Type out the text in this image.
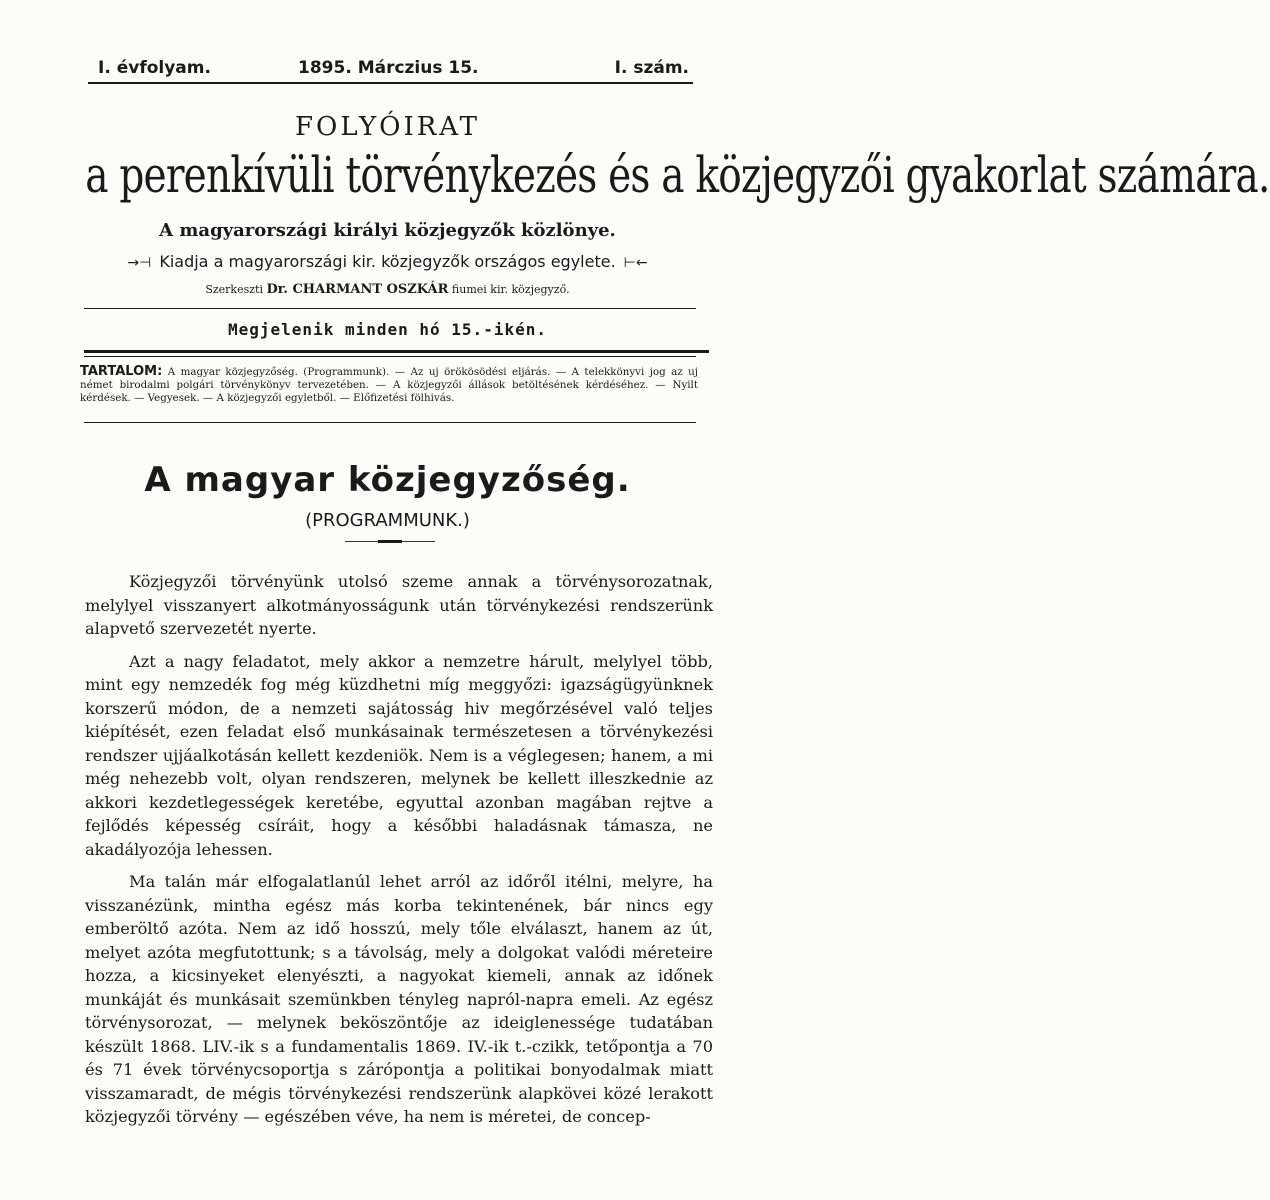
I. évfolyam.	1895. Márczius 15.	I. szám.
FOLYÓIRAT
a perenkívüli törvénykezés és a közjegyzői gyakorlat számára.
A magyarországi királyi közjegyzők közlönye.
→⊣ Kiadja a magyarországi kir. közjegyzők országos egylete. ⊢←
Szerkeszti Dr. CHARMANT OSZKÁR fiumei kir. közjegyző.
Megjelenik minden hó 15.-ikén.
TARTALOM: A magyar közjegyzőség. (Programmunk). — Az uj örökösödési eljárás. — A telekkönyvi jog az uj német birodalmi polgári törvénykönyv tervezetében. — A közjegyzői állások betöltésének kérdéséhez. — Nyilt kérdések. — Vegyesek. — A közjegyzői egyletből. — Előfizetési fölhivás.
A magyar közjegyzőség.
(PROGRAMMUNK.)

Közjegyzői törvényünk utolsó szeme annak a törvénysorozatnak, melylyel visszanyert alkotmányosságunk után törvénykezési rendszerünk alapvető szervezetét nyerte.

Azt a nagy feladatot, mely akkor a nemzetre hárult, melylyel több, mint egy nemzedék fog még küzdhetni míg meggyőzi: igazságügyünknek korszerű módon, de a nemzeti sajátosság hiv megőrzésével való teljes kiépítését, ezen feladat első munkásainak természetesen a törvénykezési rendszer ujjáalkotásán kellett kezdeniök. Nem is a véglegesen; hanem, a mi még nehezebb volt, olyan rendszeren, melynek be kellett illeszkednie az akkori kezdetlegességek keretébe, egyuttal azonban magában rejtve a fejlődés képesség csíráit, hogy a későbbi haladásnak támasza, ne akadályozója lehessen.

Ma talán már elfogalatlanúl lehet arról az időről itélni, melyre, ha visszanézünk, mintha egész más korba tekintenének, bár nincs egy emberöltő azóta. Nem az idő hosszú, mely tőle elválaszt, hanem az út, melyet azóta megfutottunk; s a távolság, mely a dolgokat valódi méreteire hozza, a kicsinyeket elenyészti, a nagyokat kiemeli, annak az időnek munkáját és munkásait szemünkben tényleg napról-napra emeli. Az egész törvénysorozat, — melynek beköszöntője az ideiglenessége tudatában készült 1868. LIV.-ik s a fundamentalis 1869. IV.-ik t.-czikk, tetőpontja a 70 és 71 évek törvénycsoportja s zárópontja a politikai bonyodalmak miatt visszamaradt, de mégis törvénykezési rendszerünk alapkövei közé lerakott közjegyzői törvény — egészében véve, ha nem is méretei, de concep-
